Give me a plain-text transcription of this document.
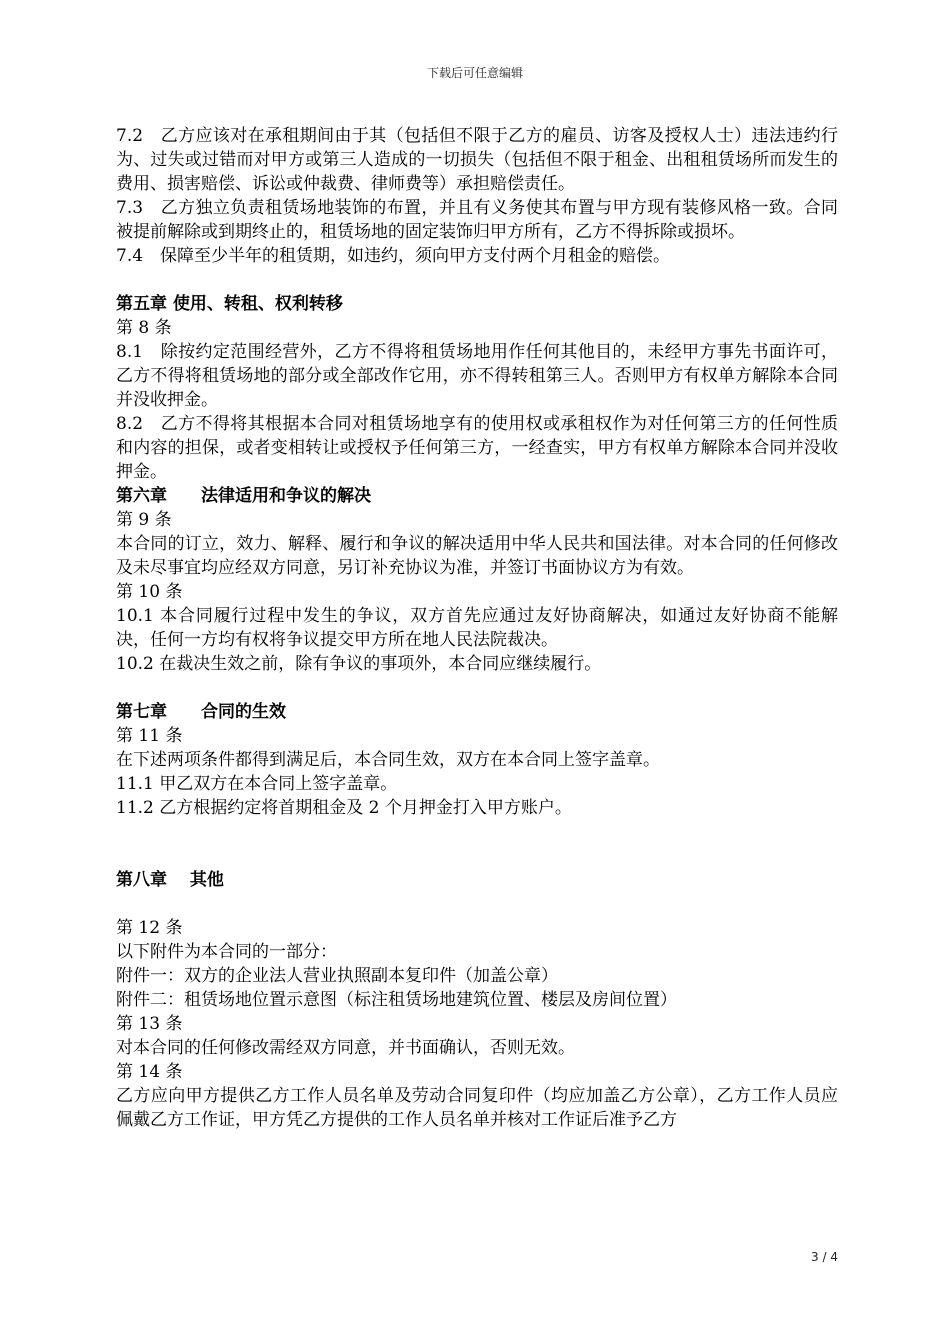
下载后可任意编辑

7.2　乙方应该对在承租期间由于其（包括但不限于乙方的雇员、访客及授权人士）违法违约行为、过失或过错而对甲方或第三人造成的一切损失（包括但不限于租金、出租租赁场所而发生的费用、损害赔偿、诉讼或仲裁费、律师费等）承担赔偿责任。

7.3　乙方独立负责租赁场地装饰的布置，并且有义务使其布置与甲方现有装修风格一致。合同被提前解除或到期终止的，租赁场地的固定装饰归甲方所有，乙方不得拆除或损坏。

7.4　保障至少半年的租赁期，如违约，须向甲方支付两个月租金的赔偿。

第五章 使用、转租、权利转移

第 8 条

8.1　除按约定范围经营外，乙方不得将租赁场地用作任何其他目的，未经甲方事先书面许可，乙方不得将租赁场地的部分或全部改作它用，亦不得转租第三人。否则甲方有权单方解除本合同并没收押金。

8.2　乙方不得将其根据本合同对租赁场地享有的使用权或承租权作为对任何第三方的任何性质和内容的担保，或者变相转让或授权予任何第三方，一经查实，甲方有权单方解除本合同并没收押金。

第六章　　法律适用和争议的解决

第 9 条

本合同的订立，效力、解释、履行和争议的解决适用中华人民共和国法律。对本合同的任何修改及未尽事宜均应经双方同意，另订补充协议为准，并签订书面协议方为有效。

第 10 条

10.1 本合同履行过程中发生的争议，双方首先应通过友好协商解决，如通过友好协商不能解决，任何一方均有权将争议提交甲方所在地人民法院裁决。

10.2 在裁决生效之前，除有争议的事项外，本合同应继续履行。

第七章　　合同的生效

第 11 条

在下述两项条件都得到满足后，本合同生效，双方在本合同上签字盖章。

11.1 甲乙双方在本合同上签字盖章。

11.2 乙方根据约定将首期租金及 2 个月押金打入甲方账户。

第八章　 其他

第 12 条

以下附件为本合同的一部分：

附件一：双方的企业法人营业执照副本复印件（加盖公章）

附件二：租赁场地位置示意图（标注租赁场地建筑位置、楼层及房间位置）

第 13 条

对本合同的任何修改需经双方同意，并书面确认，否则无效。

第 14 条

乙方应向甲方提供乙方工作人员名单及劳动合同复印件（均应加盖乙方公章），乙方工作人员应佩戴乙方工作证，甲方凭乙方提供的工作人员名单并核对工作证后准予乙方

3 / 4
